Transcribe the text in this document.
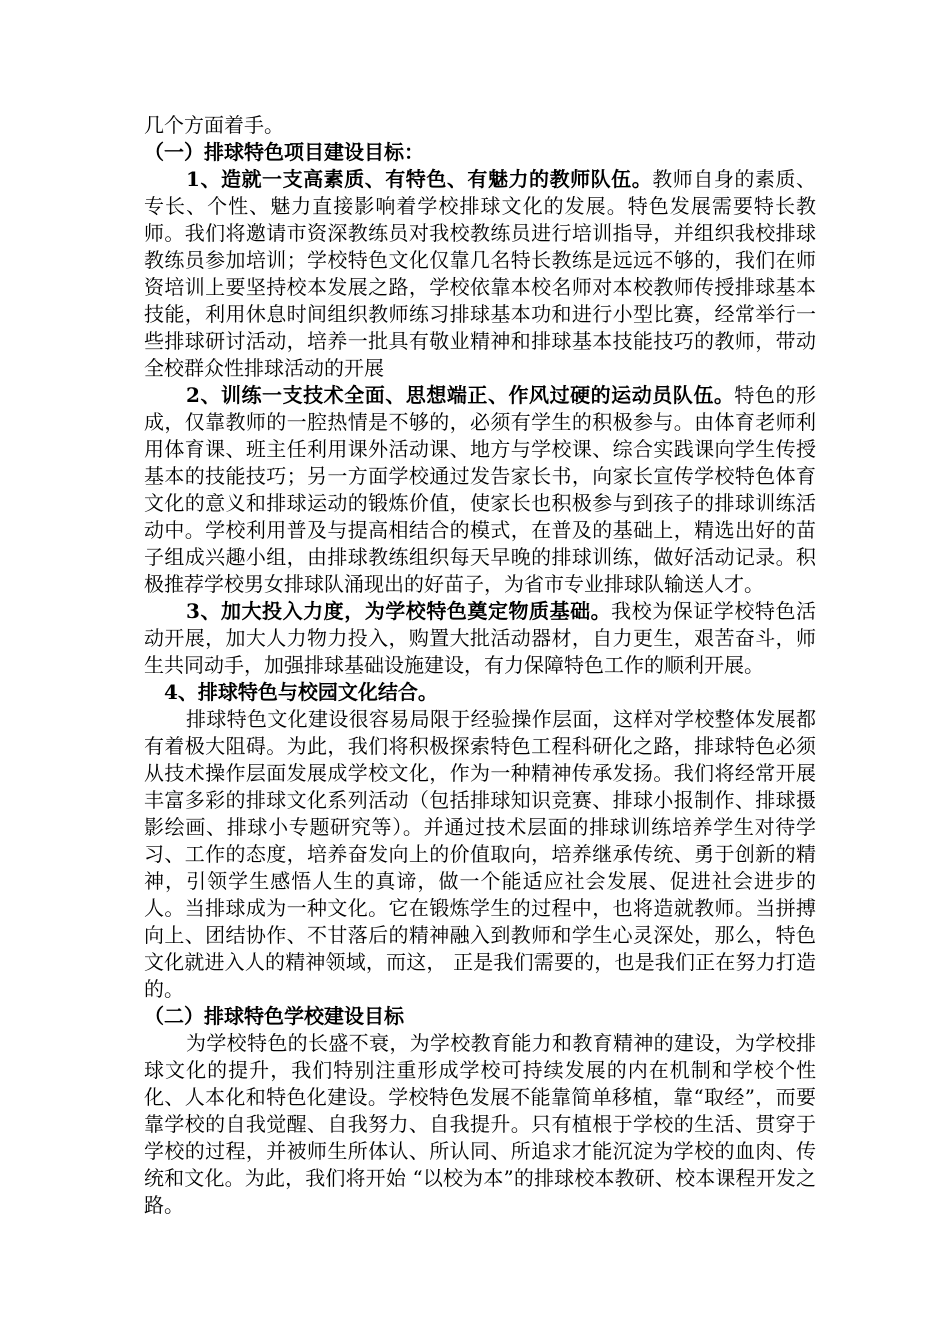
几个方面着手。

（一）排球特色项目建设目标：

1、造就一支高素质、有特色、有魅力的教师队伍。教师自身的素质、专长、个性、魅力直接影响着学校排球文化的发展。特色发展需要特长教师。我们将邀请市资深教练员对我校教练员进行培训指导，并组织我校排球教练员参加培训；学校特色文化仅靠几名特长教练是远远不够的，我们在师资培训上要坚持校本发展之路，学校依靠本校名师对本校教师传授排球基本技能，利用休息时间组织教师练习排球基本功和进行小型比赛，经常举行一些排球研讨活动，培养一批具有敬业精神和排球基本技能技巧的教师，带动全校群众性排球活动的开展

2、训练一支技术全面、思想端正、作风过硬的运动员队伍。特色的形成，仅靠教师的一腔热情是不够的，必须有学生的积极参与。由体育老师利用体育课、班主任利用课外活动课、地方与学校课、综合实践课向学生传授基本的技能技巧；另一方面学校通过发告家长书，向家长宣传学校特色体育文化的意义和排球运动的锻炼价值，使家长也积极参与到孩子的排球训练活动中。学校利用普及与提高相结合的模式，在普及的基础上，精选出好的苗子组成兴趣小组，由排球教练组织每天早晚的排球训练，做好活动记录。积极推荐学校男女排球队涌现出的好苗子，为省市专业排球队输送人才。

3、加大投入力度，为学校特色奠定物质基础。我校为保证学校特色活动开展，加大人力物力投入，购置大批活动器材，自力更生，艰苦奋斗，师生共同动手，加强排球基础设施建设，有力保障特色工作的顺利开展。

4、排球特色与校园文化结合。

排球特色文化建设很容易局限于经验操作层面，这样对学校整体发展都有着极大阻碍。为此，我们将积极探索特色工程科研化之路，排球特色必须从技术操作层面发展成学校文化，作为一种精神传承发扬。我们将经常开展丰富多彩的排球文化系列活动（包括排球知识竞赛、排球小报制作、排球摄影绘画、排球小专题研究等）。并通过技术层面的排球训练培养学生对待学习、工作的态度，培养奋发向上的价值取向，培养继承传统、勇于创新的精神，引领学生感悟人生的真谛，做一个能适应社会发展、促进社会进步的人。当排球成为一种文化。它在锻炼学生的过程中，也将造就教师。当拼搏向上、团结协作、不甘落后的精神融入到教师和学生心灵深处，那么，特色文化就进入人的精神领域，而这， 正是我们需要的，也是我们正在努力打造的。

（二）排球特色学校建设目标

为学校特色的长盛不衰，为学校教育能力和教育精神的建设，为学校排球文化的提升，我们特别注重形成学校可持续发展的内在机制和学校个性化、人本化和特色化建设。学校特色发展不能靠简单移植，靠“取经”，而要靠学校的自我觉醒、自我努力、自我提升。只有植根于学校的生活、贯穿于学校的过程，并被师生所体认、所认同、所追求才能沉淀为学校的血肉、传统和文化。为此，我们将开始 “以校为本”的排球校本教研、校本课程开发之路。
